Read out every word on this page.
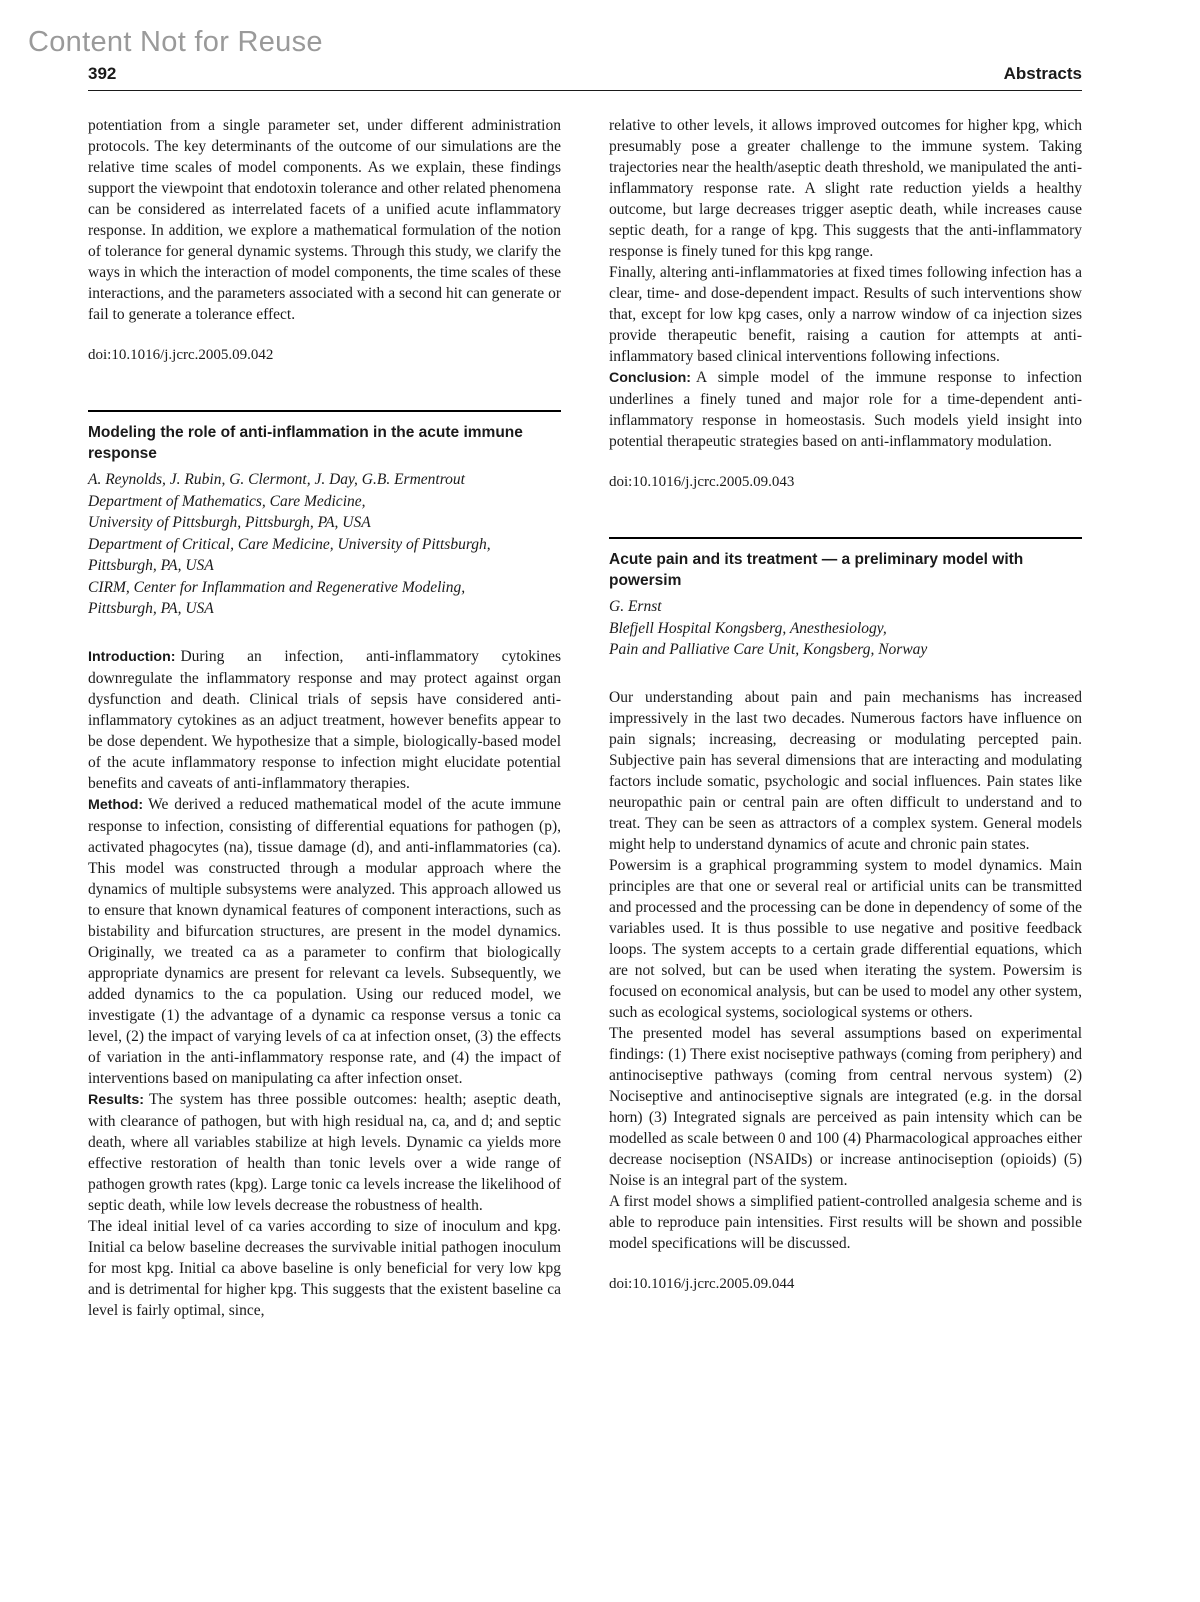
Content Not for Reuse
392	Abstracts

potentiation from a single parameter set, under different administration protocols. The key determinants of the outcome of our simulations are the relative time scales of model components. As we explain, these findings support the viewpoint that endotoxin tolerance and other related phenomena can be considered as interrelated facets of a unified acute inflammatory response. In addition, we explore a mathematical formulation of the notion of tolerance for general dynamic systems. Through this study, we clarify the ways in which the interaction of model components, the time scales of these interactions, and the parameters associated with a second hit can generate or fail to generate a tolerance effect.

doi:10.1016/j.jcrc.2005.09.042

Modeling the role of anti-inflammation in the acute immune response
A. Reynolds, J. Rubin, G. Clermont, J. Day, G.B. Ermentrout
Department of Mathematics, Care Medicine,
University of Pittsburgh, Pittsburgh, PA, USA
Department of Critical, Care Medicine, University of Pittsburgh,
Pittsburgh, PA, USA
CIRM, Center for Inflammation and Regenerative Modeling,
Pittsburgh, PA, USA

Introduction: During an infection, anti-inflammatory cytokines downregulate the inflammatory response and may protect against organ dysfunction and death. Clinical trials of sepsis have considered anti-inflammatory cytokines as an adjuct treatment, however benefits appear to be dose dependent. We hypothesize that a simple, biologically-based model of the acute inflammatory response to infection might elucidate potential benefits and caveats of anti-inflammatory therapies.

Method: We derived a reduced mathematical model of the acute immune response to infection, consisting of differential equations for pathogen (p), activated phagocytes (na), tissue damage (d), and anti-inflammatories (ca). This model was constructed through a modular approach where the dynamics of multiple subsystems were analyzed. This approach allowed us to ensure that known dynamical features of component interactions, such as bistability and bifurcation structures, are present in the model dynamics. Originally, we treated ca as a parameter to confirm that biologically appropriate dynamics are present for relevant ca levels. Subsequently, we added dynamics to the ca population. Using our reduced model, we investigate (1) the advantage of a dynamic ca response versus a tonic ca level, (2) the impact of varying levels of ca at infection onset, (3) the effects of variation in the anti-inflammatory response rate, and (4) the impact of interventions based on manipulating ca after infection onset.

Results: The system has three possible outcomes: health; aseptic death, with clearance of pathogen, but with high residual na, ca, and d; and septic death, where all variables stabilize at high levels. Dynamic ca yields more effective restoration of health than tonic levels over a wide range of pathogen growth rates (kpg). Large tonic ca levels increase the likelihood of septic death, while low levels decrease the robustness of health.

The ideal initial level of ca varies according to size of inoculum and kpg. Initial ca below baseline decreases the survivable initial pathogen inoculum for most kpg. Initial ca above baseline is only beneficial for very low kpg and is detrimental for higher kpg. This suggests that the existent baseline ca level is fairly optimal, since,

relative to other levels, it allows improved outcomes for higher kpg, which presumably pose a greater challenge to the immune system. Taking trajectories near the health/aseptic death threshold, we manipulated the anti-inflammatory response rate. A slight rate reduction yields a healthy outcome, but large decreases trigger aseptic death, while increases cause septic death, for a range of kpg. This suggests that the anti-inflammatory response is finely tuned for this kpg range.

Finally, altering anti-inflammatories at fixed times following infection has a clear, time- and dose-dependent impact. Results of such interventions show that, except for low kpg cases, only a narrow window of ca injection sizes provide therapeutic benefit, raising a caution for attempts at anti-inflammatory based clinical interventions following infections.

Conclusion: A simple model of the immune response to infection underlines a finely tuned and major role for a time-dependent anti-inflammatory response in homeostasis. Such models yield insight into potential therapeutic strategies based on anti-inflammatory modulation.

doi:10.1016/j.jcrc.2005.09.043

Acute pain and its treatment — a preliminary model with powersim
G. Ernst
Blefjell Hospital Kongsberg, Anesthesiology,
Pain and Palliative Care Unit, Kongsberg, Norway

Our understanding about pain and pain mechanisms has increased impressively in the last two decades. Numerous factors have influence on pain signals; increasing, decreasing or modulating percepted pain. Subjective pain has several dimensions that are interacting and modulating factors include somatic, psychologic and social influences. Pain states like neuropathic pain or central pain are often difficult to understand and to treat. They can be seen as attractors of a complex system. General models might help to understand dynamics of acute and chronic pain states.

Powersim is a graphical programming system to model dynamics. Main principles are that one or several real or artificial units can be transmitted and processed and the processing can be done in dependency of some of the variables used. It is thus possible to use negative and positive feedback loops. The system accepts to a certain grade differential equations, which are not solved, but can be used when iterating the system. Powersim is focused on economical analysis, but can be used to model any other system, such as ecological systems, sociological systems or others.

The presented model has several assumptions based on experimental findings: (1) There exist nociseptive pathways (coming from periphery) and antinociseptive pathways (coming from central nervous system) (2) Nociseptive and antinociseptive signals are integrated (e.g. in the dorsal horn) (3) Integrated signals are perceived as pain intensity which can be modelled as scale between 0 and 100 (4) Pharmacological approaches either decrease nociseption (NSAIDs) or increase antinociseption (opioids) (5) Noise is an integral part of the system.

A first model shows a simplified patient-controlled analgesia scheme and is able to reproduce pain intensities. First results will be shown and possible model specifications will be discussed.

doi:10.1016/j.jcrc.2005.09.044
